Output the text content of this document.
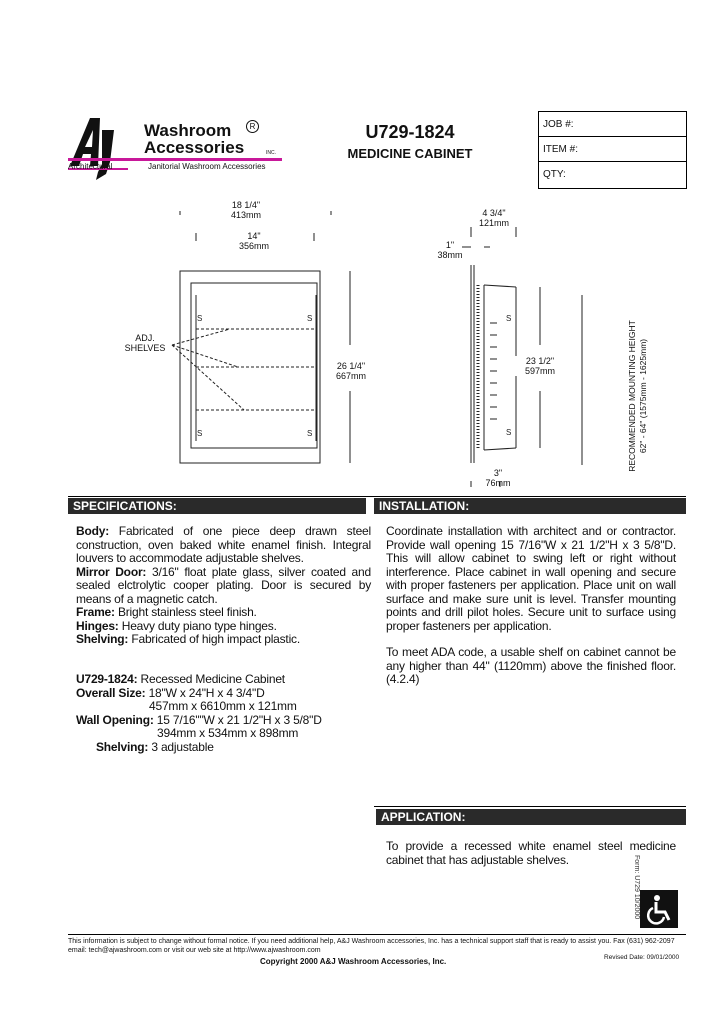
Washroom	R
Accessories	INC.
Architectural	Janitorial Washroom Accessories
U729-1824
MEDICINE CABINET
JOB #:
ITEM #:
QTY:
S	S
S	S
S
S
18 1/4"
413mm
14"
356mm
ADJ.
SHELVES
26 1/4"
667mm
4 3/4"
121mm
1"
38mm
23 1/2"
597mm
3"
76mm
RECOMMENDED MOUNTING HEIGHT 62" - 64" (1575mm - 1625mm)
SPECIFICATIONS:	INSTALLATION:
Body: Fabricated of one piece deep drawn steel construction, oven baked white enamel finish. Integral louvers to accommodate adjustable shelves.
Mirror Door: 3/16" float plate glass, silver coated and sealed elctrolytic cooper plating. Door is secured by means of a magnetic catch.
Frame: Bright stainless steel finish.
Hinges: Heavy duty piano type hinges.
Shelving: Fabricated of high impact plastic.
U729-1824: Recessed Medicine Cabinet
Overall Size: 18"W x 24"H x 4 3/4"D
457mm x 6610mm x 121mm
Wall Opening: 15 7/16""W x 21 1/2"H x 3 5/8"D
394mm x 534mm x 898mm
Shelving: 3 adjustable
Coordinate installation with architect and or contractor. Provide wall opening 15 7/16"W x 21 1/2"H x 3 5/8"D. This will allow cabinet to swing left or right without interference. Place cabinet in wall opening and secure with proper fasteners per application. Place unit on wall surface and make sure unit is level. Transfer mounting points and drill pilot holes. Secure unit to surface using proper fasteners per application.
To meet ADA code, a usable shelf on cabinet cannot be any higher than 44" (1120mm) above the finished floor. (4.2.4)
APPLICATION:
To provide a recessed white enamel steel medicine cabinet that has adjustable shelves.	Form: U729 10/2000
This information is subject to change without formal notice. If you need additional help, A&J Washroom accessories, Inc. has a technical support staff that is ready to assist you. Fax (631) 962-2097
email: tech@ajwashroom.com or visit our web site at http://www.ajwashroom.com
Copyright 2000 A&J Washroom Accessories, Inc.	Revised Date: 09/01/2000
